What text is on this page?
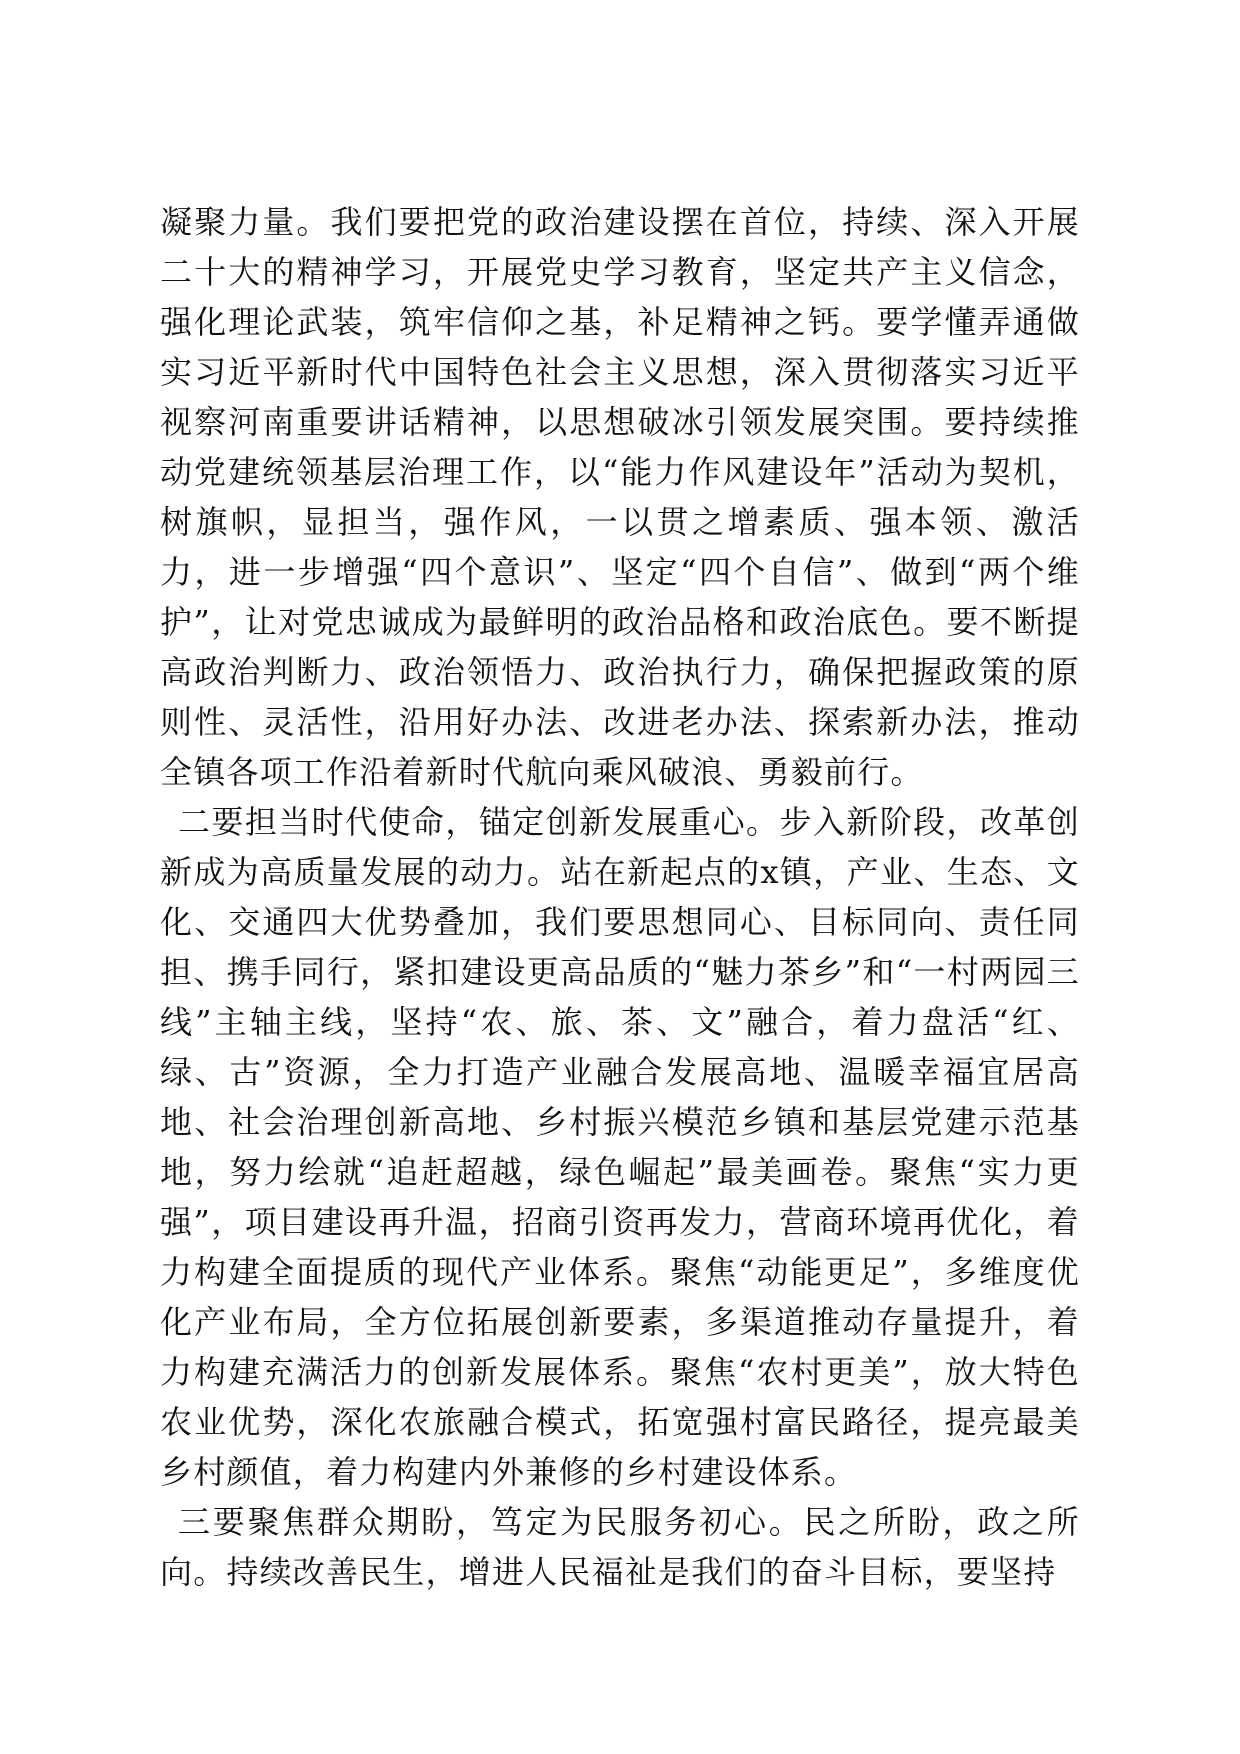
凝聚力量。我们要把党的政治建设摆在首位，持续、深入开展二十大的精神学习，开展党史学习教育，坚定共产主义信念，强化理论武装，筑牢信仰之基，补足精神之钙。要学懂弄通做实习近平新时代中国特色社会主义思想，深入贯彻落实习近平视察河南重要讲话精神，以思想破冰引领发展突围。要持续推动党建统领基层治理工作，以“能力作风建设年”活动为契机，树旗帜，显担当，强作风，一以贯之增素质、强本领、激活力，进一步增强“四个意识”、坚定“四个自信”、做到“两个维护”，让对党忠诚成为最鲜明的政治品格和政治底色。要不断提高政治判断力、政治领悟力、政治执行力，确保把握政策的原则性、灵活性，沿用好办法、改进老办法、探索新办法，推动全镇各项工作沿着新时代航向乘风破浪、勇毅前行。

二要担当时代使命，锚定创新发展重心。步入新阶段，改革创新成为高质量发展的动力。站在新起点的x镇，产业、生态、文化、交通四大优势叠加，我们要思想同心、目标同向、责任同担、携手同行，紧扣建设更高品质的“魅力茶乡”和“一村两园三线”主轴主线，坚持“农、旅、茶、文”融合，着力盘活“红、绿、古”资源，全力打造产业融合发展高地、温暖幸福宜居高地、社会治理创新高地、乡村振兴模范乡镇和基层党建示范基地，努力绘就“追赶超越，绿色崛起”最美画卷。聚焦“实力更强”，项目建设再升温，招商引资再发力，营商环境再优化，着力构建全面提质的现代产业体系。聚焦“动能更足”，多维度优化产业布局，全方位拓展创新要素，多渠道推动存量提升，着力构建充满活力的创新发展体系。聚焦“农村更美”，放大特色农业优势，深化农旅融合模式，拓宽强村富民路径，提亮最美乡村颜值，着力构建内外兼修的乡村建设体系。

三要聚焦群众期盼，笃定为民服务初心。民之所盼，政之所向。持续改善民生，增进人民福祉是我们的奋斗目标，要坚持
